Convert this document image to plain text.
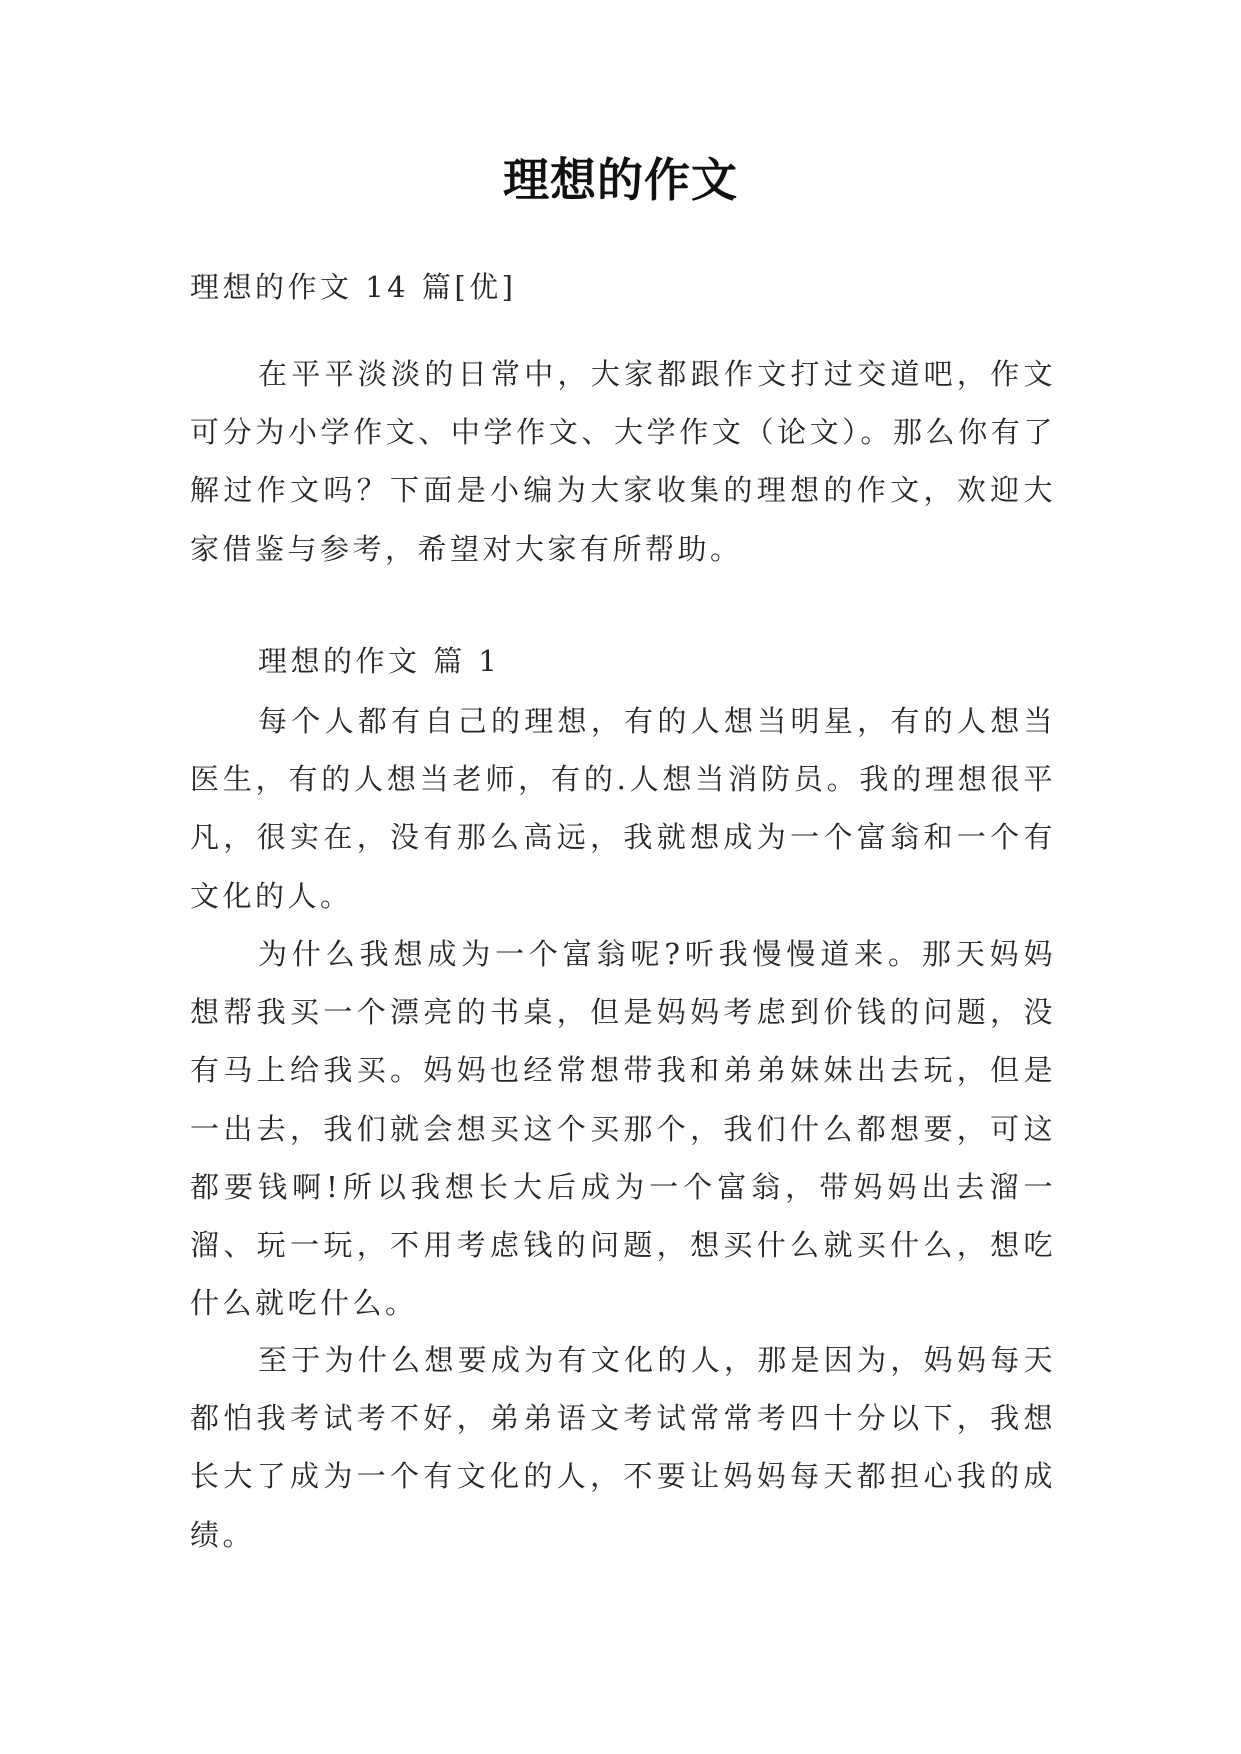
理想的作文
理想的作文 14 篇[优]

在平平淡淡的日常中，大家都跟作文打过交道吧，作文可分为小学作文、中学作文、大学作文（论文）。那么你有了解过作文吗？下面是小编为大家收集的理想的作文，欢迎大家借鉴与参考，希望对大家有所帮助。

理想的作文 篇 1

每个人都有自己的理想，有的人想当明星，有的人想当医生，有的人想当老师，有的.人想当消防员。我的理想很平凡，很实在，没有那么高远，我就想成为一个富翁和一个有文化的人。

为什么我想成为一个富翁呢?听我慢慢道来。那天妈妈想帮我买一个漂亮的书桌，但是妈妈考虑到价钱的问题，没有马上给我买。妈妈也经常想带我和弟弟妹妹出去玩，但是一出去，我们就会想买这个买那个，我们什么都想要，可这都要钱啊!所以我想长大后成为一个富翁，带妈妈出去溜一溜、玩一玩，不用考虑钱的问题，想买什么就买什么，想吃什么就吃什么。

至于为什么想要成为有文化的人，那是因为，妈妈每天都怕我考试考不好，弟弟语文考试常常考四十分以下，我想长大了成为一个有文化的人，不要让妈妈每天都担心我的成绩。
